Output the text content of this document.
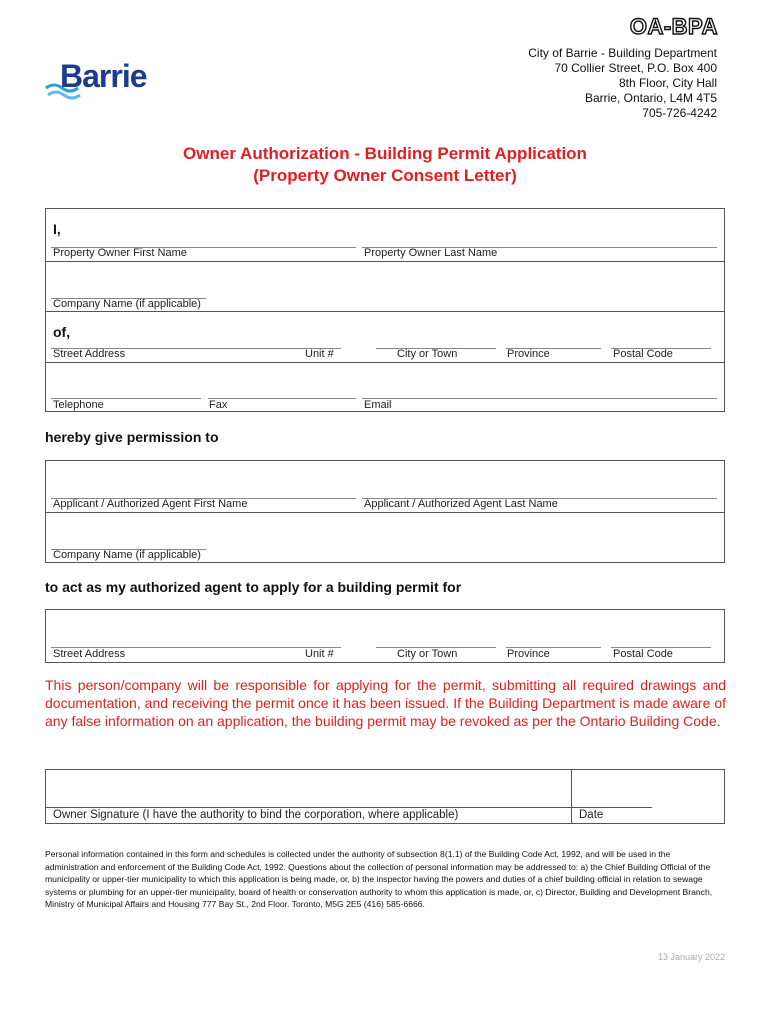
OA-BPA
City of Barrie - Building Department
70 Collier Street, P.O. Box 400
8th Floor, City Hall
Barrie, Ontario, L4M 4T5
705-726-4242
Barrie
Owner Authorization - Building Permit Application
(Property Owner Consent Letter)
I,
Property Owner First Name	Property Owner Last Name
Company Name (if applicable)
of,
Street Address	Unit #	City or Town	Province	Postal Code
Telephone	Fax	Email
hereby give permission to
Applicant / Authorized Agent First Name	Applicant / Authorized Agent Last Name
Company Name (if applicable)
to act as my authorized agent to apply for a building permit for
Street Address	Unit #	City or Town	Province	Postal Code
This person/company will be responsible for applying for the permit, submitting all required drawings and documentation, and receiving the permit once it has been issued. If the Building Department is made aware of any false information on an application, the building permit may be revoked as per the Ontario Building Code.
Owner Signature (I have the authority to bind the corporation, where applicable)	Date
Personal information contained in this form and schedules is collected under the authority of subsection 8(1.1) of the Building Code Act, 1992, and will be used in the administration and enforcement of the Building Code Act, 1992. Questions about the collection of personal information may be addressed to: a) the Chief Building Official of the municipality or upper-tier municipality to which this application is being made, or, b) the inspector having the powers and duties of a chief building official in relation to sewage systems or plumbing for an upper-tier municipality, board of health or conservation authority to whom this application is made, or, c) Director, Building and Development Branch, Ministry of Municipal Affairs and Housing 777 Bay St., 2nd Floor. Toronto, M5G 2E5 (416) 585-6666.
13 January 2022
